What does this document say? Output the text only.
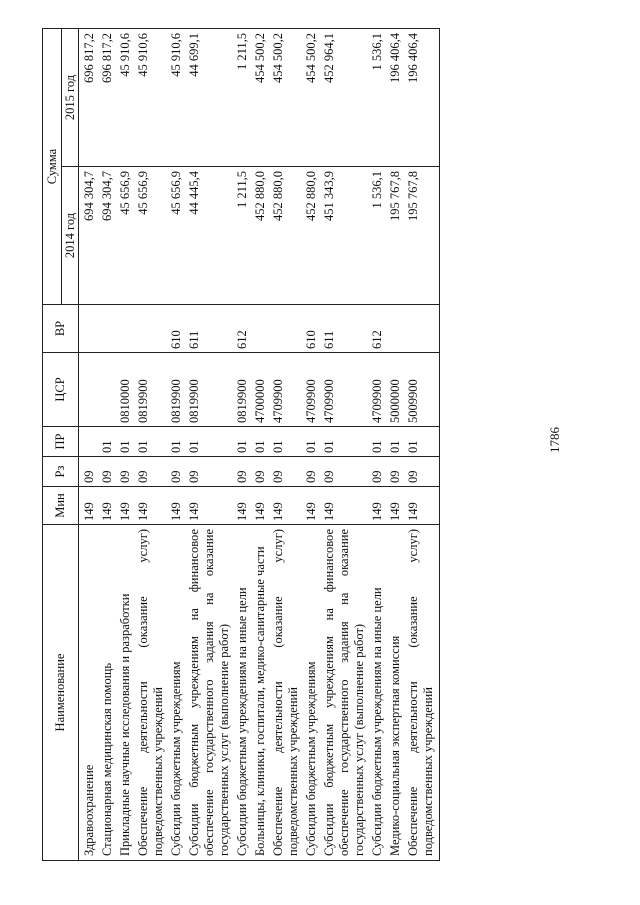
1786
Наименование	Мин	Рз	ПР	ЦСР	ВР	Сумма	
						2014 год	2015 год
Здравоохранение	149	09				694 304,7	696 817,2
Стационарная медицинская помощь	149	09	01			694 304,7	696 817,2
Прикладные научные исследования и разработки	149	09	01	0810000		45 656,9	45 910,6
Обеспечение деятельности (оказание услуг) подведомственных учреждений	149	09	01	0819900		45 656,9	45 910,6
Субсидии бюджетным учреждениям	149	09	01	0819900	610	45 656,9	45 910,6
Субсидии бюджетным учреждениям на финансовое обеспечение государственного задания на оказание государственных услуг (выполнение работ)	149	09	01	0819900	611	44 445,4	44 699,1
Субсидии бюджетным учреждениям на иные цели	149	09	01	0819900	612	1 211,5	1 211,5
Больницы, клиники, госпитали, медико-санитарные части	149	09	01	4700000		452 880,0	454 500,2
Обеспечение деятельности (оказание услуг) подведомственных учреждений	149	09	01	4709900		452 880,0	454 500,2
Субсидии бюджетным учреждениям	149	09	01	4709900	610	452 880,0	454 500,2
Субсидии бюджетным учреждениям на финансовое обеспечение государственного задания на оказание государственных услуг (выполнение работ)	149	09	01	4709900	611	451 343,9	452 964,1
Субсидии бюджетным учреждениям на иные цели	149	09	01	4709900	612	1 536,1	1 536,1
Медико-социальная экспертная комиссия	149	09	01	5000000		195 767,8	196 406,4
Обеспечение деятельности (оказание услуг) подведомственных учреждений	149	09	01	5009900		195 767,8	196 406,4
